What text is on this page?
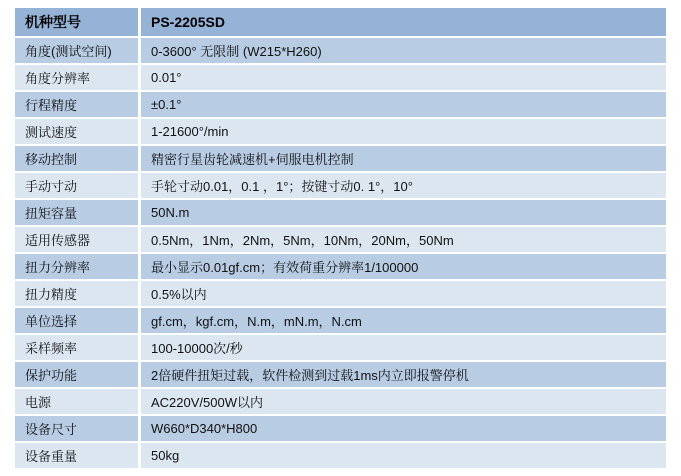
机种型号	PS-2205SD
角度(测试空间)	0-3600° 无限制 (W215*H260)
角度分辨率	0.01°
行程精度	±0.1°
测试速度	1-21600°/min
移动控制	精密行星齿轮减速机+伺服电机控制
手动寸动	手轮寸动0.01，0.1 ，1°；按键寸动0. 1°，10°
扭矩容量	50N.m
适用传感器	0.5Nm，1Nm，2Nm，5Nm，10Nm，20Nm，50Nm
扭力分辨率	最小显示0.01gf.cm；有效荷重分辨率1/100000
扭力精度	0.5%以内
单位选择	gf.cm，kgf.cm，N.m，mN.m，N.cm
采样频率	100-10000次/秒
保护功能	2倍硬件扭矩过载，软件检测到过载1ms内立即报警停机
电源	AC220V/500W以内
设备尺寸	W660*D340*H800
设备重量	50kg
